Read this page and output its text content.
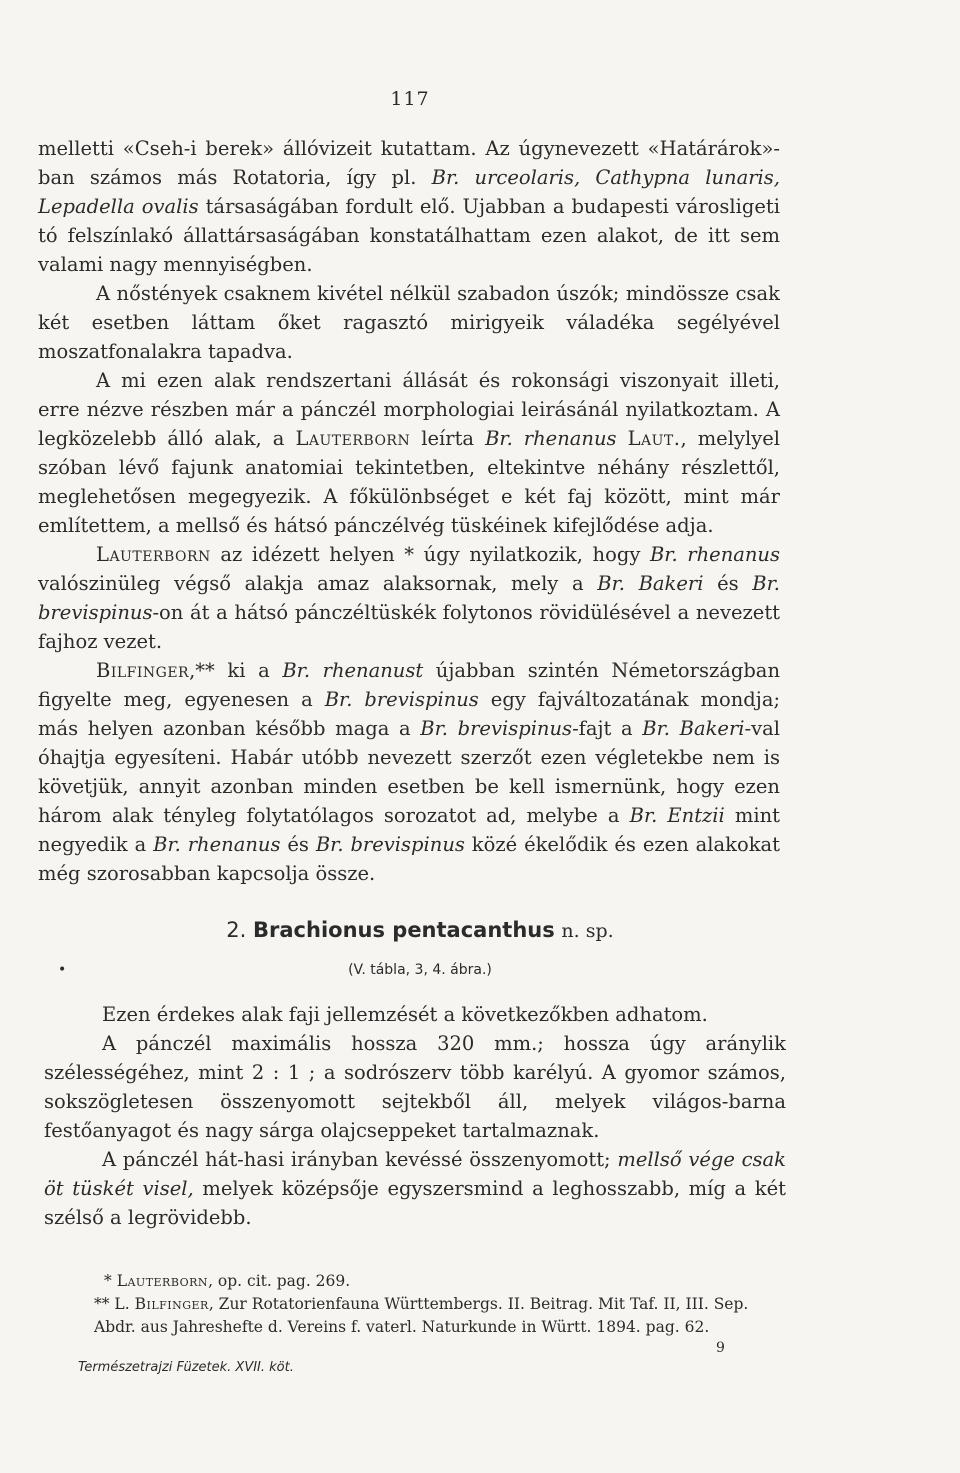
117

melletti «Cseh-i berek» állóvizeit kutattam. Az úgynevezett «Határárok»-ban számos más Rotatoria, így pl. Br. urceolaris, Cathypna lunaris, Lepadella ovalis társaságában fordult elő. Ujabban a budapesti városligeti tó felszínlakó állattársaságában konstatálhattam ezen alakot, de itt sem valami nagy mennyiségben.

A nőstények csaknem kivétel nélkül szabadon úszók; mindössze csak két esetben láttam őket ragasztó mirigyeik váladéka segélyével moszatfonalakra tapadva.

A mi ezen alak rendszertani állását és rokonsági viszonyait illeti, erre nézve részben már a pánczél morphologiai leirásánál nyilatkoztam. A legközelebb álló alak, a Lauterborn leírta Br. rhenanus Laut., melylyel szóban lévő fajunk anatomiai tekintetben, eltekintve néhány részlettől, meglehetősen megegyezik. A főkülönbséget e két faj között, mint már említettem, a mellső és hátsó pánczélvég tüskéinek kifejlődése adja.

Lauterborn az idézett helyen * úgy nyilatkozik, hogy Br. rhenanus valószinüleg végső alakja amaz alaksornak, mely a Br. Bakeri és Br. brevispinus-on át a hátsó pánczéltüskék folytonos rövidülésével a nevezett fajhoz vezet.

Bilfinger,** ki a Br. rhenanust újabban szintén Németországban figyelte meg, egyenesen a Br. brevispinus egy fajváltozatának mondja; más helyen azonban később maga a Br. brevispinus-fajt a Br. Bakeri-val óhajtja egyesíteni. Habár utóbb nevezett szerzőt ezen végletekbe nem is követjük, annyit azonban minden esetben be kell ismernünk, hogy ezen három alak tényleg folytatólagos sorozatot ad, melybe a Br. Entzii mint negyedik a Br. rhenanus és Br. brevispinus közé ékelődik és ezen alakokat még szorosabban kapcsolja össze.

2. Brachionus pentacanthus n. sp.
•	(V. tábla, 3, 4. ábra.)

Ezen érdekes alak faji jellemzését a következőkben adhatom.

A pánczél maximális hossza 320 mm.; hossza úgy aránylik szélességéhez, mint 2 : 1 ; a sodrószerv több karélyú. A gyomor számos, sokszögletesen összenyomott sejtekből áll, melyek világos-barna festőanyagot és nagy sárga olajcseppeket tartalmaznak.

A pánczél hát-hasi irányban kevéssé összenyomott; mellső vége csak öt tüskét visel, melyek középsője egyszersmind a leghosszabb, míg a két szélső a legrövidebb.

* Lauterborn, op. cit. pag. 269.

** L. Bilfinger, Zur Rotatorienfauna Württembergs. II. Beitrag. Mit Taf. II, III. Sep. Abdr. aus Jahreshefte d. Vereins f. vaterl. Naturkunde in Württ. 1894. pag. 62.

9
Természetrajzi Füzetek. XVII. köt.
